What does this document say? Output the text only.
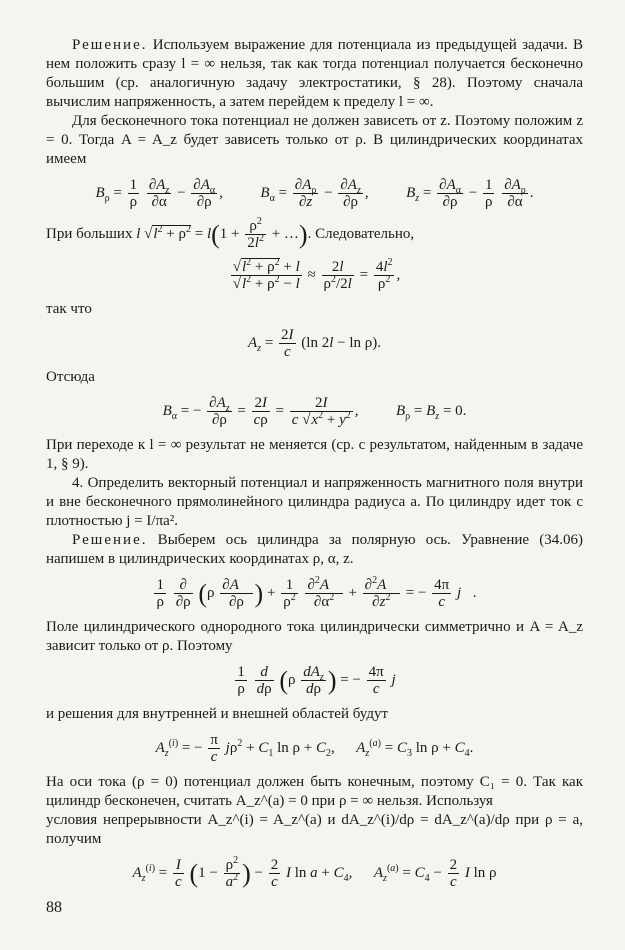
Решение. Используем выражение для потенциала из предыдущей задачи. В нем положить сразу l = ∞ нельзя, так как тогда потенциал получается бесконечно большим (ср. аналогичную задачу электростатики, § 28). Поэтому сначала вычислим напряженность, а затем перейдем к пределу l = ∞.

Для бесконечного тока потенциал не должен зависеть от z. Поэтому положим z = 0. Тогда A = A_z будет зависеть только от ρ. В цилиндрических координатах имеем

$B_\rho = \frac{1}{\rho}$
$\frac{\partial A_z}{\partial\alpha} - \frac{\partial A_\alpha}{\partial\rho}$ ,  $B_\alpha = \frac{\partial A_\rho}{\partial z} - \frac{\partial A_z}{\partial\rho}$ ,  $B_z = \frac{\partial A_\alpha}{\partial\rho} - \frac{1}{\rho}$
$\frac{\partial A_\rho}{\partial\alpha}$ .
При больших l $√l^2 + \rho^2 = l(1 + \frac{\rho^2}{2l^2}$ + …). Следовательно,
$\frac{√l^2 + \rho^2 + l}{√l^2 + \rho^2 - l} \approx \frac{2l}{\rho^2/2l} = \frac{4l^2}{\rho^2}$ ,

так что

$A_z = \frac{2I}{c} (\ln$ 2l − ln ρ).

Отсюда

$B_\alpha$ = − $\frac{\partial A_z}{\partial\rho} = \frac{2I}{c\rho} = \frac{2I}{c √x^2 + y^2}$ ,  $B_\rho = B_z = 0$.

При переходе к l = ∞ результат не меняется (ср. с результатом, найденным в задаче 1, § 9).

4. Определить векторный потенциал и напряженность магнитного поля внутри и вне бесконечного прямолинейного цилиндра радиуса a. По цилиндру идет ток с плотностью j = I/πa².

Решение. Выберем ось цилиндра за полярную ось. Уравнение (34.06) напишем в цилиндрических координатах ρ, α, z.

$\frac{1}{\rho}$
$\frac{\partial}{\partial\rho} (\rho \frac{\partial A⃗}{\partial\rho}$ ) + $\frac{1}{\rho^2}$
$\frac{\partial^2A⃗}{\partial\alpha^2} + \frac{\partial^2A⃗}{\partial z^2}$ = − $\frac{4\pi}{c}$ j⃗.

Поле цилиндрического однородного тока цилиндрически симметрично и A = A_z зависит только от ρ. Поэтому

$\frac{1}{\rho}$
$\frac{d}{d\rho} (\rho \frac{dA_z}{d\rho}$ ) = − $\frac{4\pi}{c}$ j

и решения для внутренней и внешней областей будут

$A_z^{(i)}$ = − $\frac{\pi}{c} j\rho^2 + C_1$ $\ln \rho + C_2$,  $A_z^{(a)} = C_3$ $\ln \rho + C_4$.

На оси тока (ρ = 0) потенциал должен быть конечным, поэтому C₁ = 0. Так как цилиндр бесконечен, считать A_z^(a) = 0 при ρ = ∞ нельзя. Используя

условия непрерывности A_z^(i) = A_z^(a) и dA_z^(i)/dρ = dA_z^(a)/dρ при ρ = a, получим

$A_z^{(i)} = \frac{I}{c} (1 - \frac{\rho^2}{a^2}$ ) − $\frac{2}{c}$ I $\ln a + C_4$,  $A_z^{(a)} = C_4 - \frac{2}{c}$ I ln ρ
88
